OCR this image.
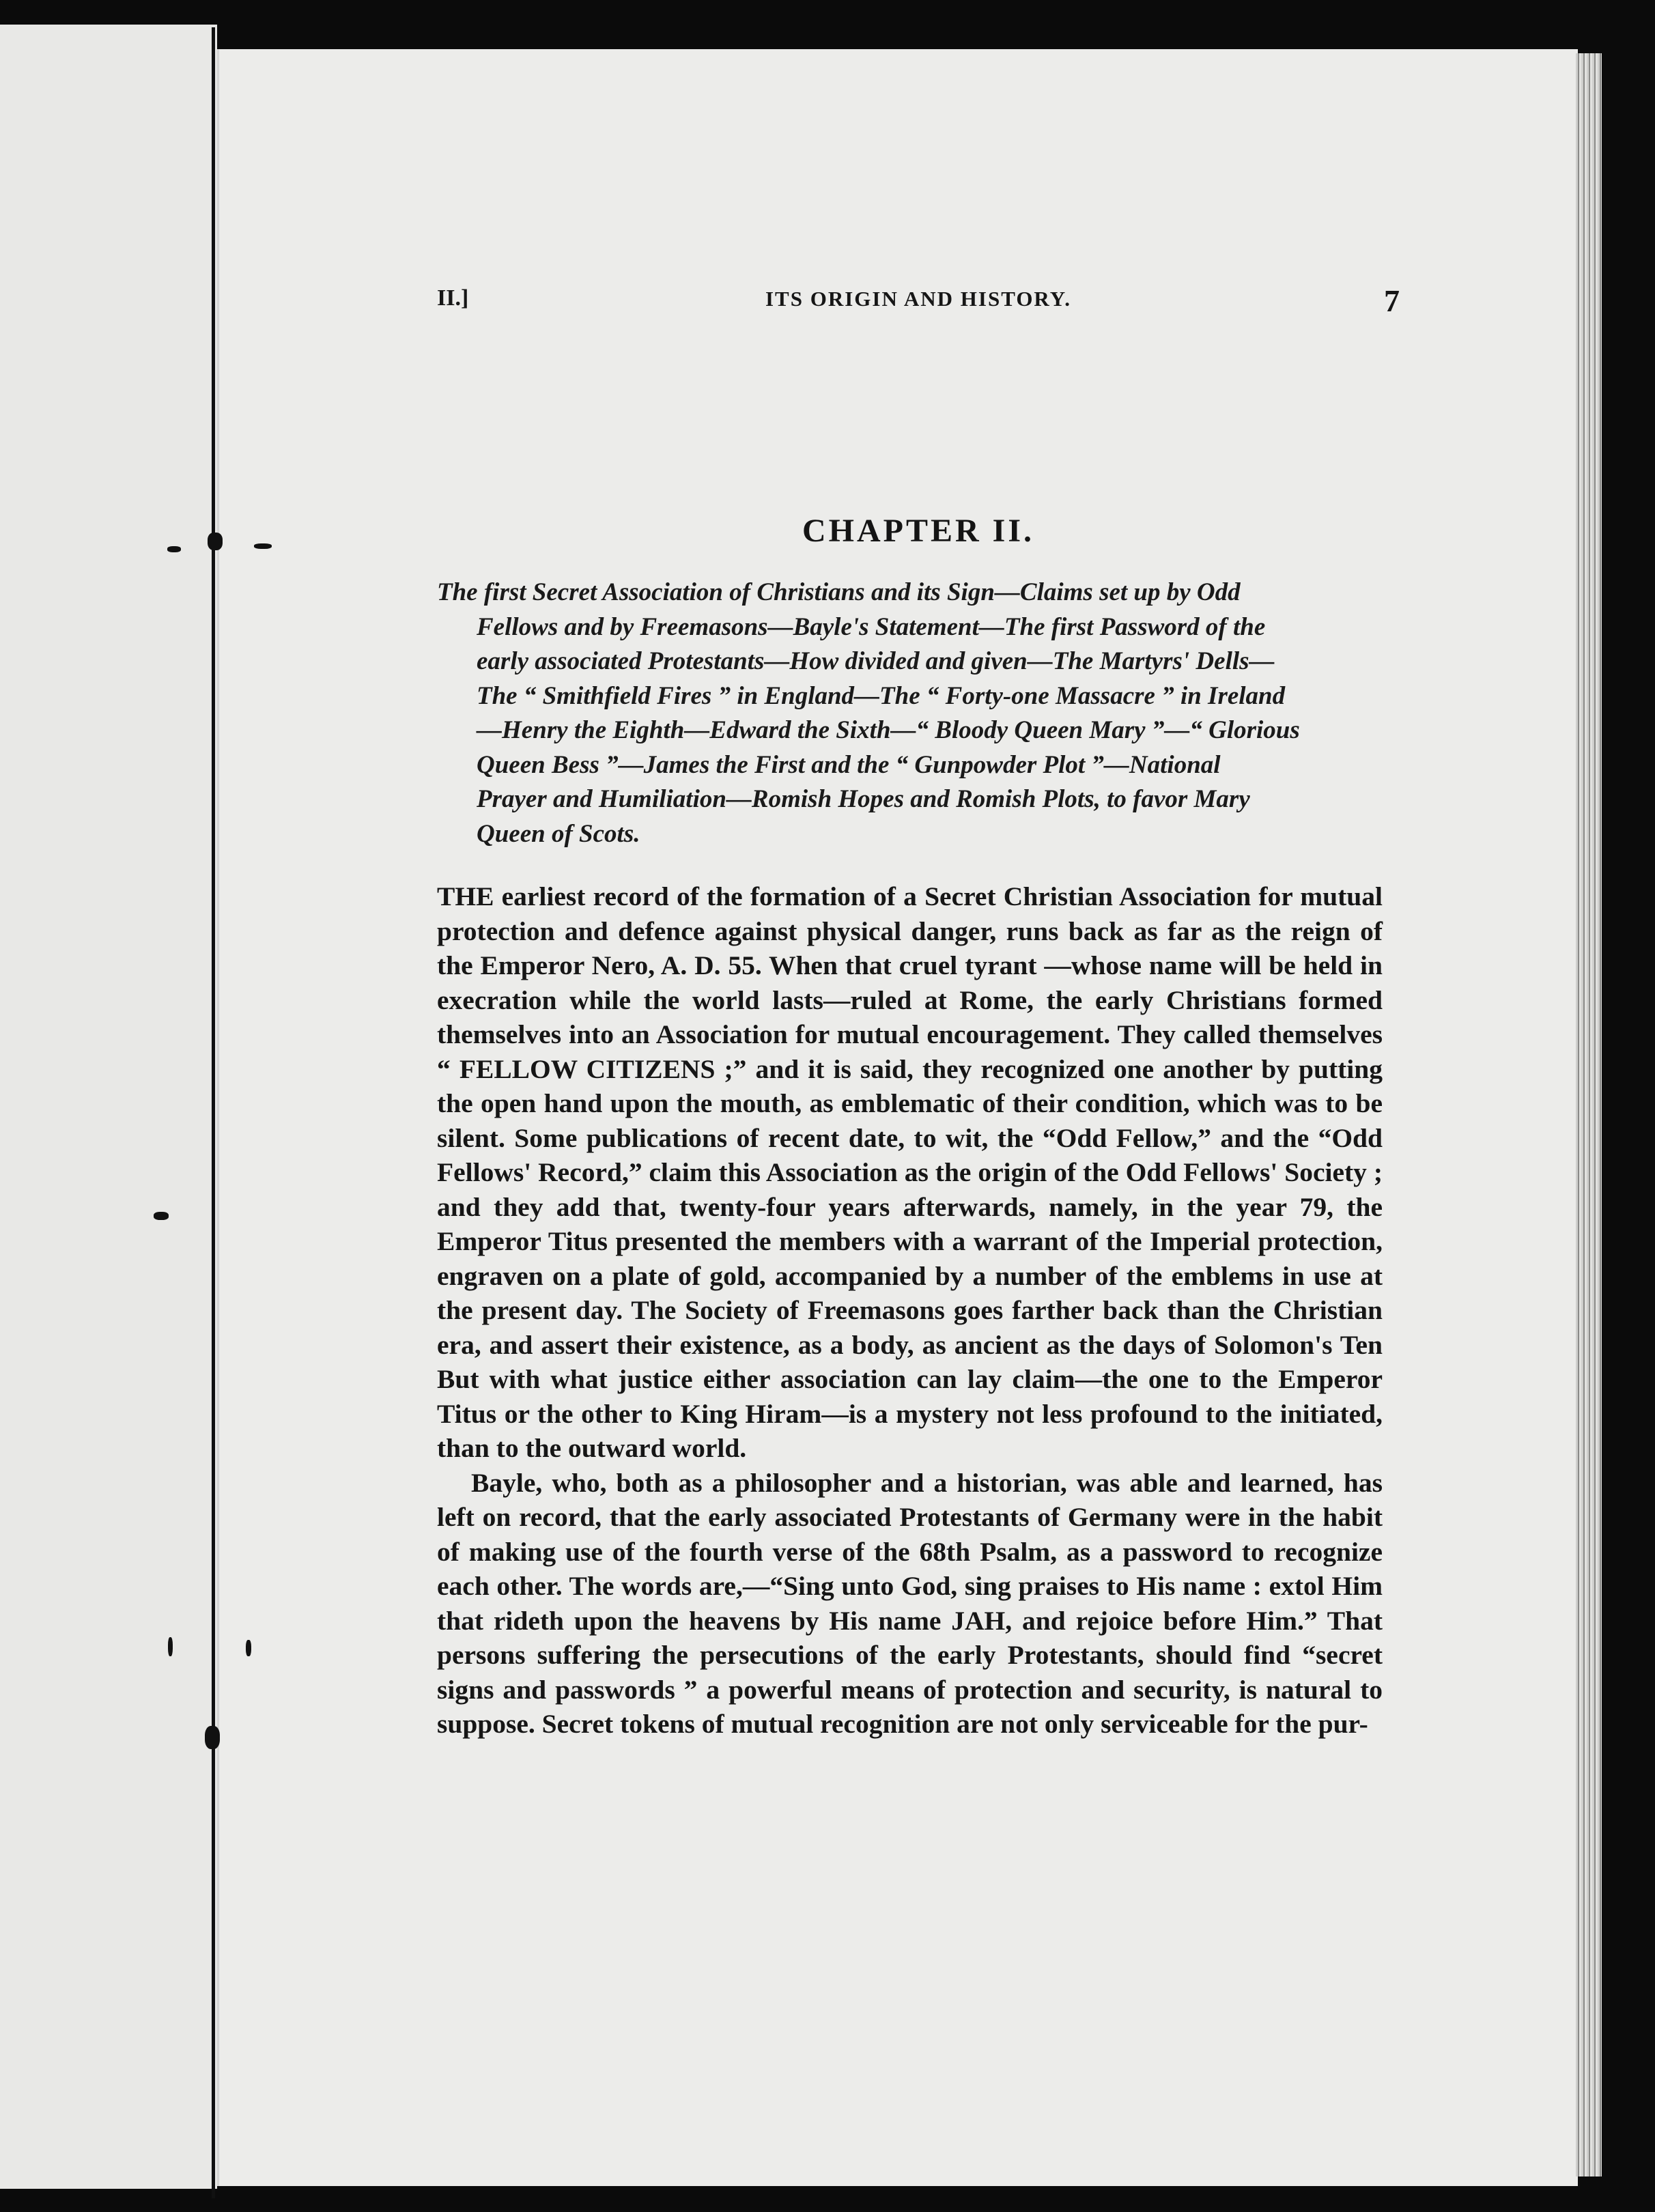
II.]	ITS ORIGIN AND HISTORY.	7
CHAPTER II.
The first Secret Association of Christians and its Sign—Claims set up by Odd
Fellows and by Freemasons—Bayle's Statement—The first Password of the
early associated Protestants—How divided and given—The Martyrs' Dells—
The “ Smithfield Fires ” in England—The “ Forty-one Massacre ” in Ireland
—Henry the Eighth—Edward the Sixth—“ Bloody Queen Mary ”—“ Glorious
Queen Bess ”—James the First and the “ Gunpowder Plot ”—National
Prayer and Humiliation—Romish Hopes and Romish Plots, to favor Mary
Queen of Scots.

THE earliest record of the formation of a Secret Christian Association for mutual protection and defence against physical danger, runs back as far as the reign of the Emperor Nero, A. D. 55. When that cruel tyrant —whose name will be held in execration while the world lasts—ruled at Rome, the early Christians formed themselves into an Association for mutual encouragement. They called themselves “ FELLOW CITIZENS ;” and it is said, they recognized one another by putting the open hand upon the mouth, as emblematic of their condition, which was to be silent. Some publications of recent date, to wit, the “Odd Fellow,” and the “Odd Fellows' Record,” claim this Association as the origin of the Odd Fellows' Society ; and they add that, twenty-four years afterwards, namely, in the year 79, the Emperor Titus presented the members with a warrant of the Imperial protection, engraven on a plate of gold, accompanied by a number of the emblems in use at the present day. The Society of Freemasons goes farther back than the Christian era, and assert their existence, as a body, as ancient as the days of Solomon's Ten But with what justice either association can lay claim—the one to the Emperor Titus or the other to King Hiram—is a mystery not less profound to the initiated, than to the outward world.

Bayle, who, both as a philosopher and a historian, was able and learned, has left on record, that the early associated Protestants of Germany were in the habit of making use of the fourth verse of the 68th Psalm, as a password to recognize each other. The words are,—“Sing unto God, sing praises to His name : extol Him that rideth upon the heavens by His name JAH, and rejoice before Him.” That persons suffering the persecutions of the early Protestants, should find “secret signs and passwords ” a powerful means of protection and security, is natural to suppose. Secret tokens of mutual recognition are not only serviceable for the pur-
